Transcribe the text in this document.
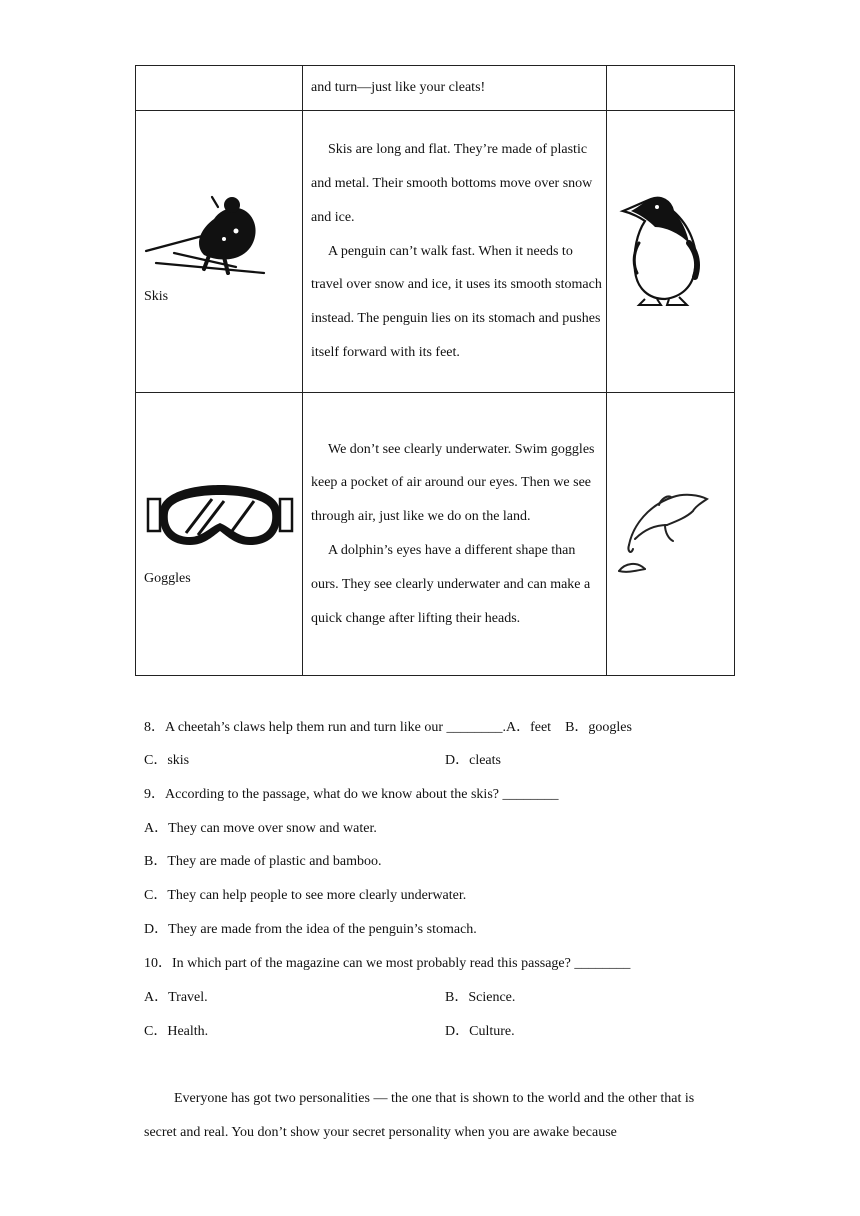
	and turn—just like your cleats!	

Skis	Skis are long and flat. They’re made of plastic and metal. Their smooth bottoms move over snow and ice.

A penguin can’t walk fast. When it needs to travel over snow and ice, it uses its smooth stomach instead. The penguin lies on its stomach and pushes itself forward with its feet.

Goggles	We don’t see clearly underwater. Swim goggles keep a pocket of air around our eyes. Then we see through air, just like we do on the land.

A dolphin’s eyes have a different shape than ours. They see clearly underwater and can make a quick change after lifting their heads.

8．A cheetah’s claws help them run and turn like our ________.A．feet　B．googles

C．skis	D．cleats

9．According to the passage, what do we know about the skis? ________

A．They can move over snow and water.

B．They are made of plastic and bamboo.

C．They can help people to see more clearly underwater.

D．They are made from the idea of the penguin’s stomach.

10．In which part of the magazine can we most probably read this passage? ________

A．Travel.	B．Science.

C．Health.	D．Culture.

Everyone has got two personalities — the one that is shown to the world and the other that is secret and real. You don’t show your secret personality when you are awake because
